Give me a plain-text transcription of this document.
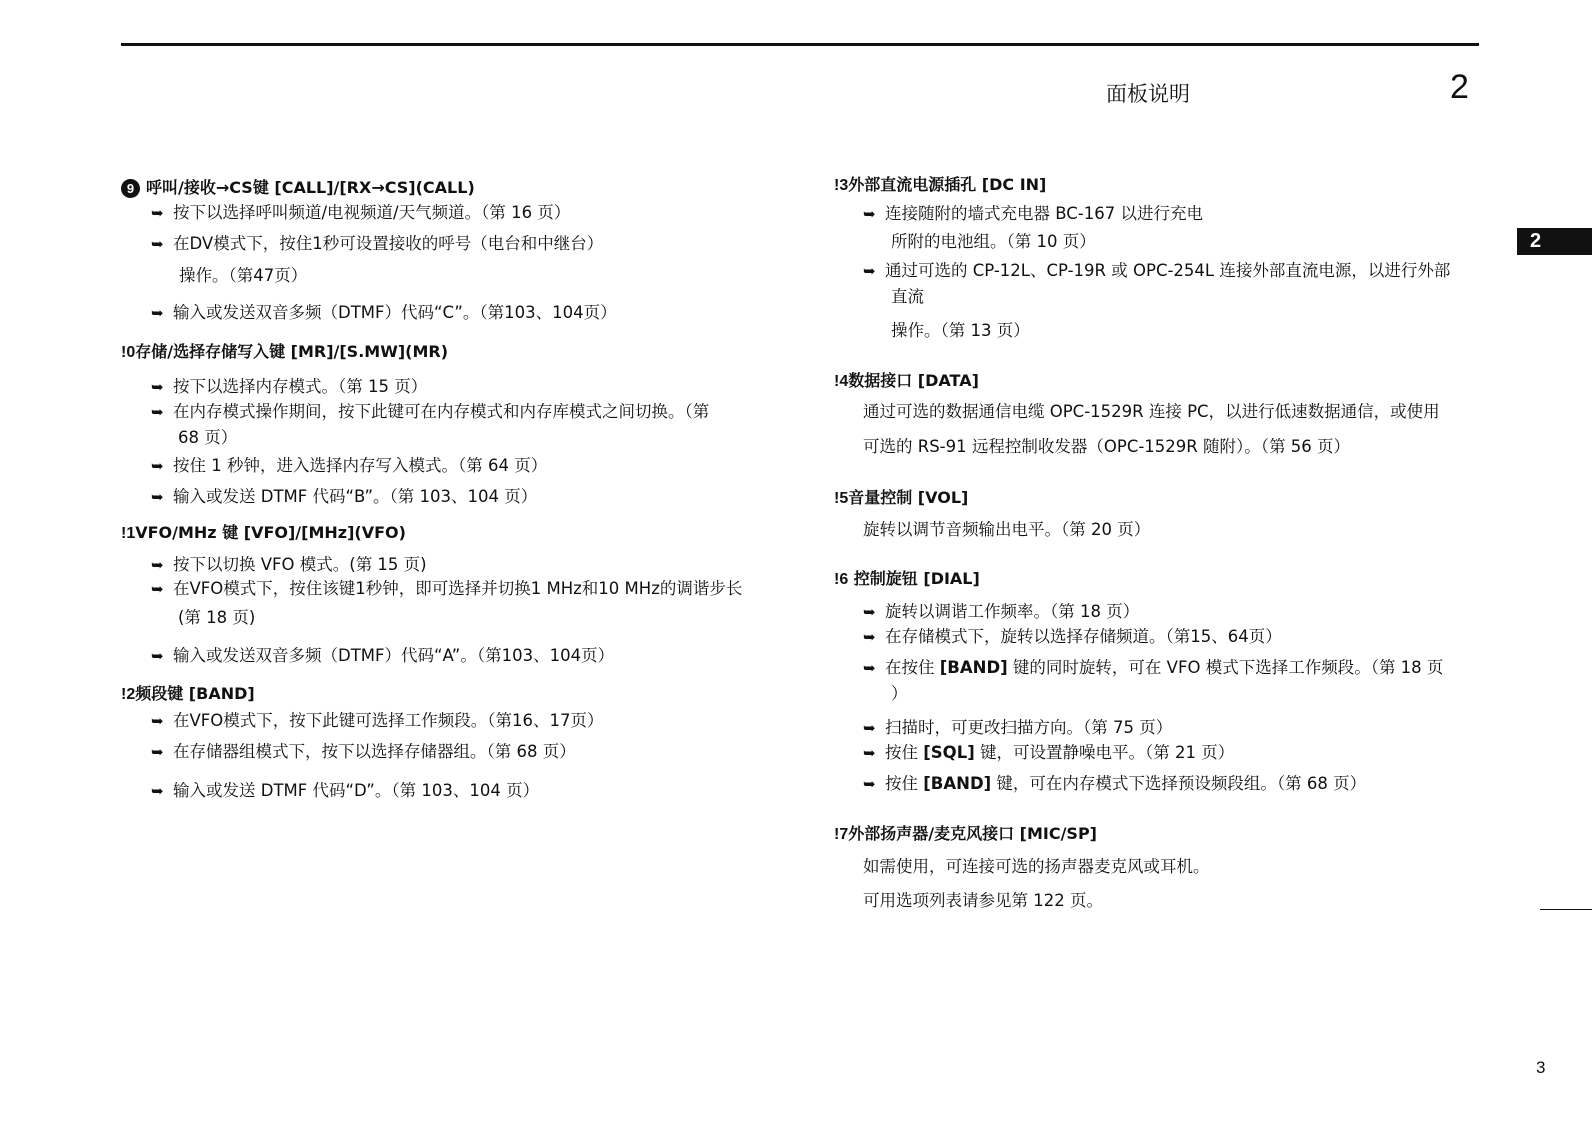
面板说明	2
2
3
9 呼叫/接收→CS键 [CALL]/[RX→CS](CALL)
➥ 按下以选择呼叫频道/电视频道/天气频道。（第 16 页）
➥ 在DV模式下，按住1秒可设置接收的呼号（电台和中继台）
操作。（第47页）
➥ 输入或发送双音多频（DTMF）代码“C”。（第103、104页）
!0存储/选择存储写入键 [MR]/[S.MW](MR)
➥ 按下以选择内存模式。（第 15 页）
➥ 在内存模式操作期间，按下此键可在内存模式和内存库模式之间切换。（第
68 页）
➥ 按住 1 秒钟，进入选择内存写入模式。（第 64 页）
➥ 输入或发送 DTMF 代码“B”。（第 103、104 页）
!1VFO/MHz 键 [VFO]/[MHz](VFO)
➥ 按下以切换 VFO 模式。(第 15 页)
➥ 在VFO模式下，按住该键1秒钟，即可选择并切换1 MHz和10 MHz的调谐步长
(第 18 页)
➥ 输入或发送双音多频（DTMF）代码“A”。（第103、104页）
!2频段键 [BAND]
➥ 在VFO模式下，按下此键可选择工作频段。（第16、17页）
➥ 在存储器组模式下，按下以选择存储器组。（第 68 页）
➥ 输入或发送 DTMF 代码“D”。（第 103、104 页）
!3外部直流电源插孔 [DC IN]
➥ 连接随附的墙式充电器 BC-167 以进行充电
所附的电池组。（第 10 页）
➥ 通过可选的 CP-12L、CP-19R 或 OPC-254L 连接外部直流电源，以进行外部
直流
操作。（第 13 页）
!4数据接口 [DATA]
通过可选的数据通信电缆 OPC-1529R 连接 PC，以进行低速数据通信，或使用
可选的 RS-91 远程控制收发器（OPC-1529R 随附）。（第 56 页）
!5音量控制 [VOL]
旋转以调节音频输出电平。（第 20 页）
!6 控制旋钮 [DIAL]
➥ 旋转以调谐工作频率。（第 18 页）
➥ 在存储模式下，旋转以选择存储频道。（第15、64页）
➥ 在按住 [BAND] 键的同时旋转，可在 VFO 模式下选择工作频段。（第 18 页
）
➥ 扫描时，可更改扫描方向。（第 75 页）
➥ 按住 [SQL] 键，可设置静噪电平。（第 21 页）
➥ 按住 [BAND] 键，可在内存模式下选择预设频段组。（第 68 页）
!7外部扬声器/麦克风接口 [MIC/SP]
如需使用，可连接可选的扬声器麦克风或耳机。
可用选项列表请参见第 122 页。
